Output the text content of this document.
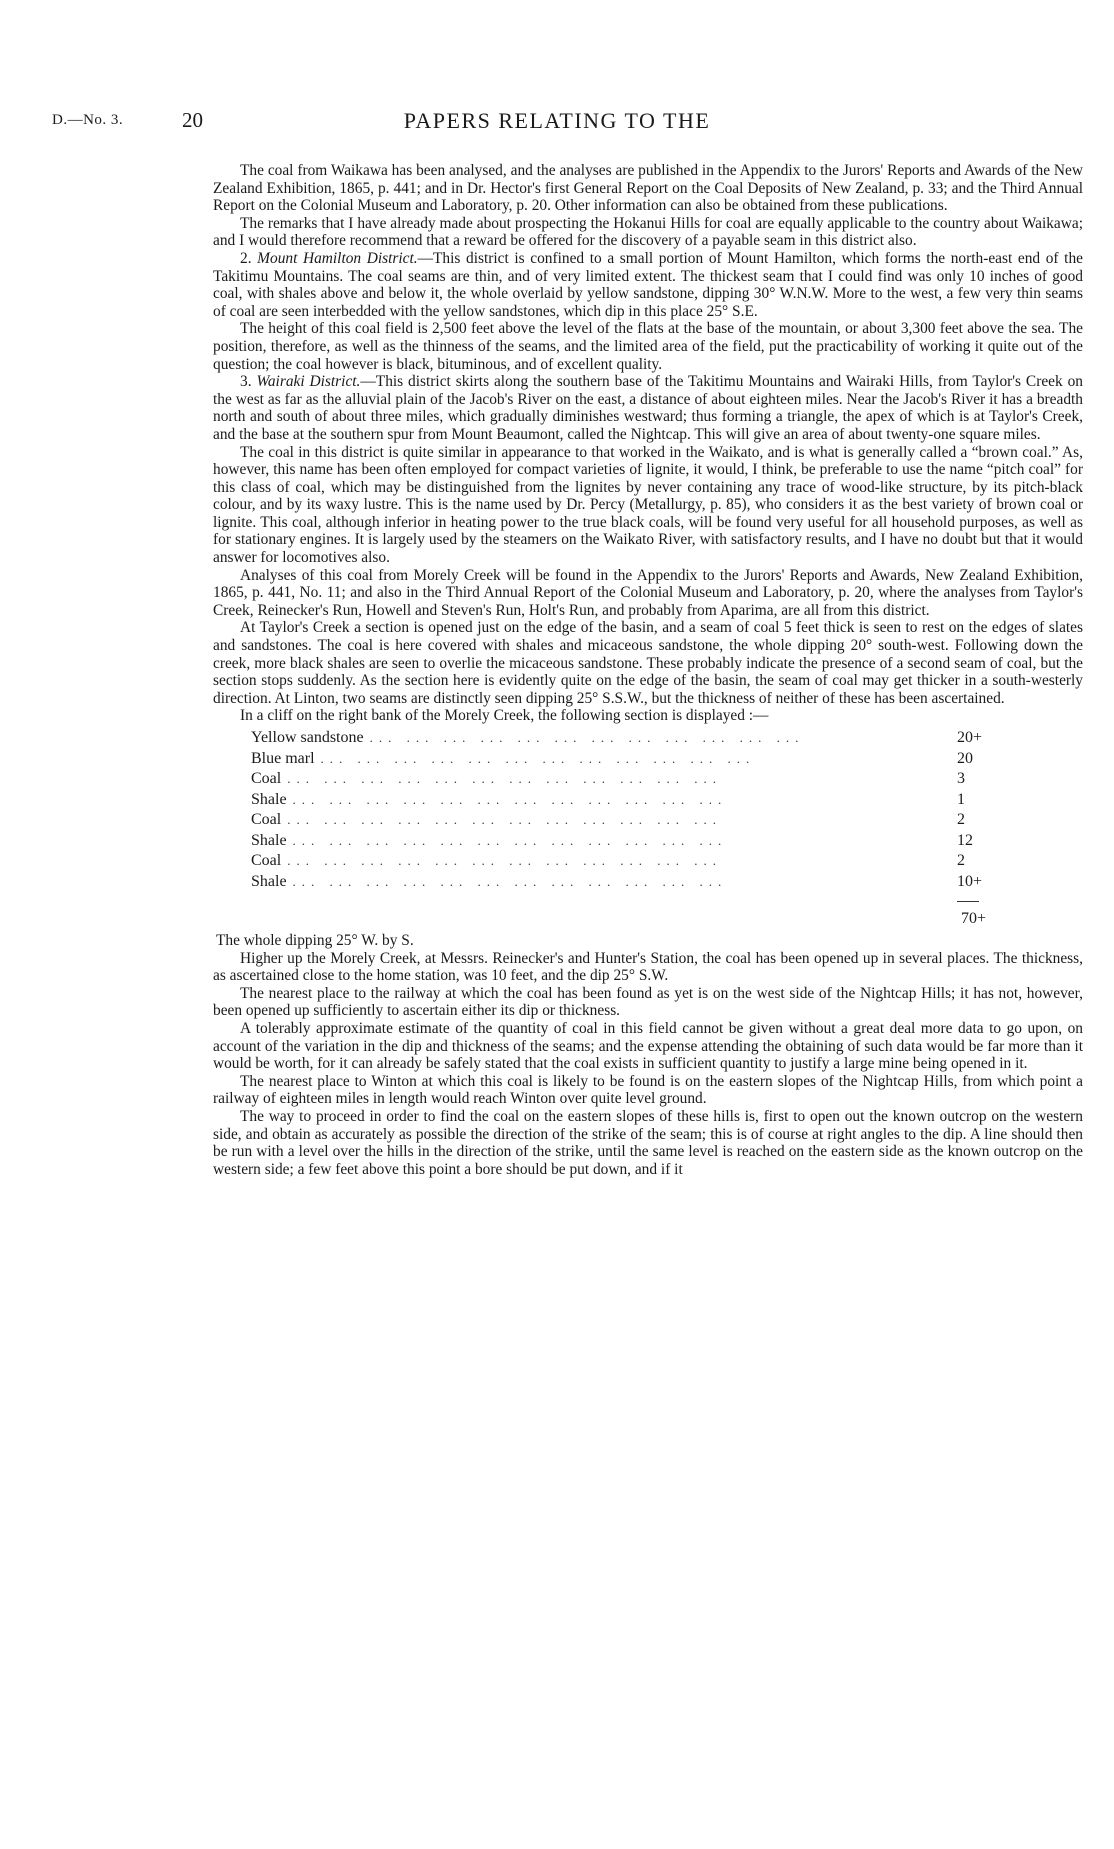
D.—No. 3.	20	PAPERS RELATING TO THE

The coal from Waikawa has been analysed, and the analyses are published in the Appendix to the Jurors' Reports and Awards of the New Zealand Exhibition, 1865, p. 441; and in Dr. Hector's first General Report on the Coal Deposits of New Zealand, p. 33; and the Third Annual Report on the Colonial Museum and Laboratory, p. 20. Other information can also be obtained from these publications.

The remarks that I have already made about prospecting the Hokanui Hills for coal are equally applicable to the country about Waikawa; and I would therefore recommend that a reward be offered for the discovery of a payable seam in this district also.

2. Mount Hamilton District.—This district is confined to a small portion of Mount Hamilton, which forms the north-east end of the Takitimu Mountains. The coal seams are thin, and of very limited extent. The thickest seam that I could find was only 10 inches of good coal, with shales above and below it, the whole overlaid by yellow sandstone, dipping 30° W.N.W. More to the west, a few very thin seams of coal are seen interbedded with the yellow sandstones, which dip in this place 25° S.E.

The height of this coal field is 2,500 feet above the level of the flats at the base of the mountain, or about 3,300 feet above the sea. The position, therefore, as well as the thinness of the seams, and the limited area of the field, put the practicability of working it quite out of the question; the coal however is black, bituminous, and of excellent quality.

3. Wairaki District.—This district skirts along the southern base of the Takitimu Mountains and Wairaki Hills, from Taylor's Creek on the west as far as the alluvial plain of the Jacob's River on the east, a distance of about eighteen miles. Near the Jacob's River it has a breadth north and south of about three miles, which gradually diminishes westward; thus forming a triangle, the apex of which is at Taylor's Creek, and the base at the southern spur from Mount Beaumont, called the Nightcap. This will give an area of about twenty-one square miles.

The coal in this district is quite similar in appearance to that worked in the Waikato, and is what is generally called a “brown coal.” As, however, this name has been often employed for compact varieties of lignite, it would, I think, be preferable to use the name “pitch coal” for this class of coal, which may be distinguished from the lignites by never containing any trace of wood-like structure, by its pitch-black colour, and by its waxy lustre. This is the name used by Dr. Percy (Metallurgy, p. 85), who considers it as the best variety of brown coal or lignite. This coal, although inferior in heating power to the true black coals, will be found very useful for all household purposes, as well as for stationary engines. It is largely used by the steamers on the Waikato River, with satisfactory results, and I have no doubt but that it would answer for locomotives also.

Analyses of this coal from Morely Creek will be found in the Appendix to the Jurors' Reports and Awards, New Zealand Exhibition, 1865, p. 441, No. 11; and also in the Third Annual Report of the Colonial Museum and Laboratory, p. 20, where the analyses from Taylor's Creek, Reinecker's Run, Howell and Steven's Run, Holt's Run, and probably from Aparima, are all from this district.

At Taylor's Creek a section is opened just on the edge of the basin, and a seam of coal 5 feet thick is seen to rest on the edges of slates and sandstones. The coal is here covered with shales and micaceous sandstone, the whole dipping 20° south-west. Following down the creek, more black shales are seen to overlie the micaceous sandstone. These probably indicate the presence of a second seam of coal, but the section stops suddenly. As the section here is evidently quite on the edge of the basin, the seam of coal may get thicker in a south-westerly direction. At Linton, two seams are distinctly seen dipping 25° S.S.W., but the thickness of neither of these has been ascertained.

In a cliff on the right bank of the Morely Creek, the following section is displayed :—

Yellow sandstone ... ... ... ... ... ... ... ... ... ... ... ...	20+
Blue marl ... ... ... ... ... ... ... ... ... ... ... ...	20
Coal ... ... ... ... ... ... ... ... ... ... ... ...	3
Shale ... ... ... ... ... ... ... ... ... ... ... ...	1
Coal ... ... ... ... ... ... ... ... ... ... ... ...	2
Shale ... ... ... ... ... ... ... ... ... ... ... ...	12
Coal ... ... ... ... ... ... ... ... ... ... ... ...	2
Shale ... ... ... ... ... ... ... ... ... ... ... ...	10+
70+

The whole dipping 25° W. by S.

Higher up the Morely Creek, at Messrs. Reinecker's and Hunter's Station, the coal has been opened up in several places. The thickness, as ascertained close to the home station, was 10 feet, and the dip 25° S.W.

The nearest place to the railway at which the coal has been found as yet is on the west side of the Nightcap Hills; it has not, however, been opened up sufficiently to ascertain either its dip or thickness.

A tolerably approximate estimate of the quantity of coal in this field cannot be given without a great deal more data to go upon, on account of the variation in the dip and thickness of the seams; and the expense attending the obtaining of such data would be far more than it would be worth, for it can already be safely stated that the coal exists in sufficient quantity to justify a large mine being opened in it.

The nearest place to Winton at which this coal is likely to be found is on the eastern slopes of the Nightcap Hills, from which point a railway of eighteen miles in length would reach Winton over quite level ground.

The way to proceed in order to find the coal on the eastern slopes of these hills is, first to open out the known outcrop on the western side, and obtain as accurately as possible the direction of the strike of the seam; this is of course at right angles to the dip. A line should then be run with a level over the hills in the direction of the strike, until the same level is reached on the eastern side as the known outcrop on the western side; a few feet above this point a bore should be put down, and if it
